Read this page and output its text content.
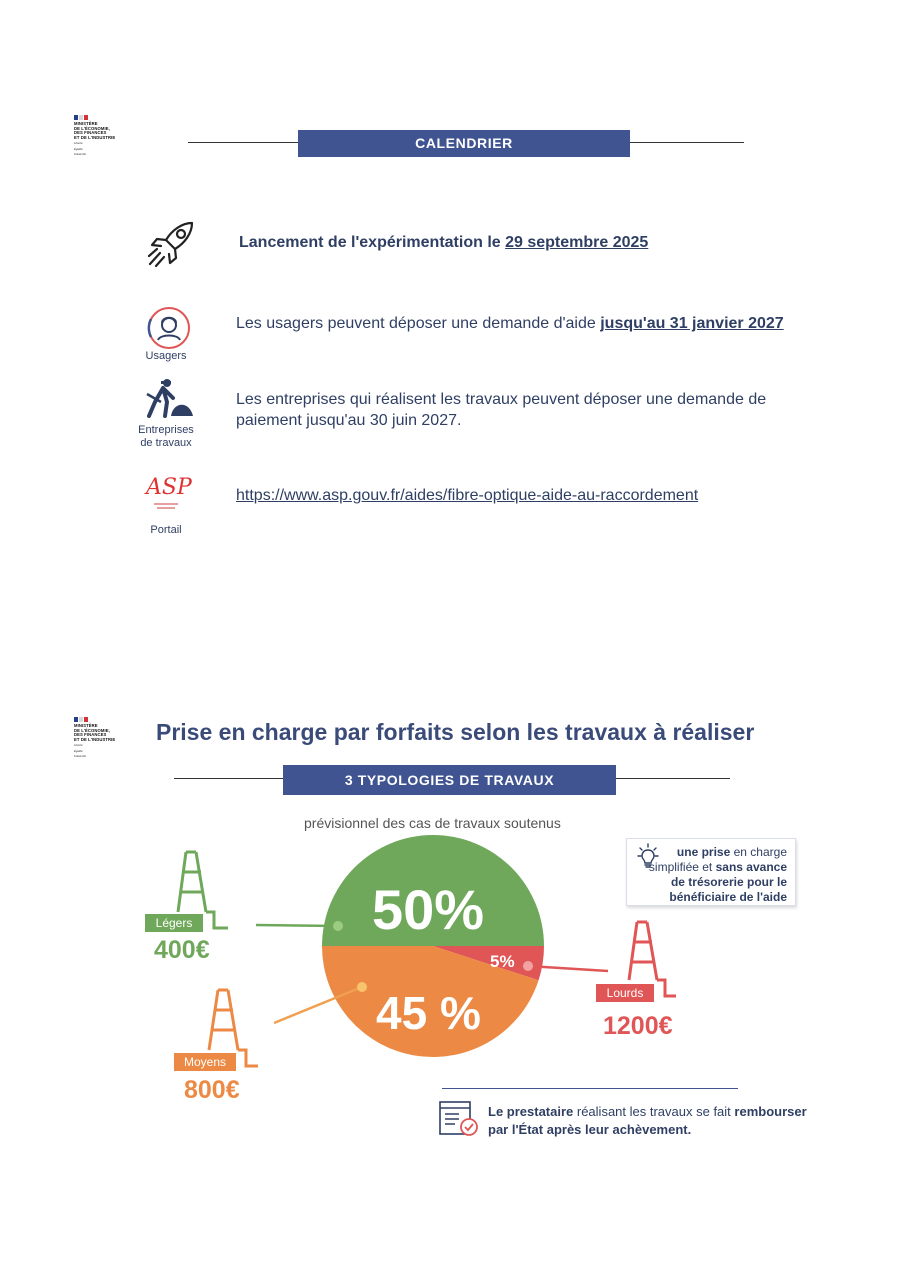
MINISTÈRE
DE L'ÉCONOMIE,
DES FINANCES
ET DE L'INDUSTRIE
Liberté
Égalité
Fraternité
CALENDRIER
Lancement de l'expérimentation le 29 septembre 2025
Usagers
Les usagers peuvent déposer une demande d'aide jusqu'au 31 janvier 2027
Entreprises
de travaux
Les entreprises qui réalisent les travaux peuvent déposer une demande de paiement jusqu'au 30 juin 2027.
ASP
Portail
https://www.asp.gouv.fr/aides/fibre-optique-aide-au-raccordement
MINISTÈRE
DE L'ÉCONOMIE,
DES FINANCES
ET DE L'INDUSTRIE
Liberté
Égalité
Fraternité
Prise en charge par forfaits selon les travaux à réaliser
3 TYPOLOGIES DE TRAVAUX
prévisionnel des cas de travaux soutenus
une prise en charge simplifiée et sans avance de trésorerie pour le bénéficiaire de l'aide
50%
45 %
5%
Légers
400€
Moyens
800€
Lourds
1200€
Le prestataire réalisant les travaux se fait rembourser par l'État après leur achèvement.
